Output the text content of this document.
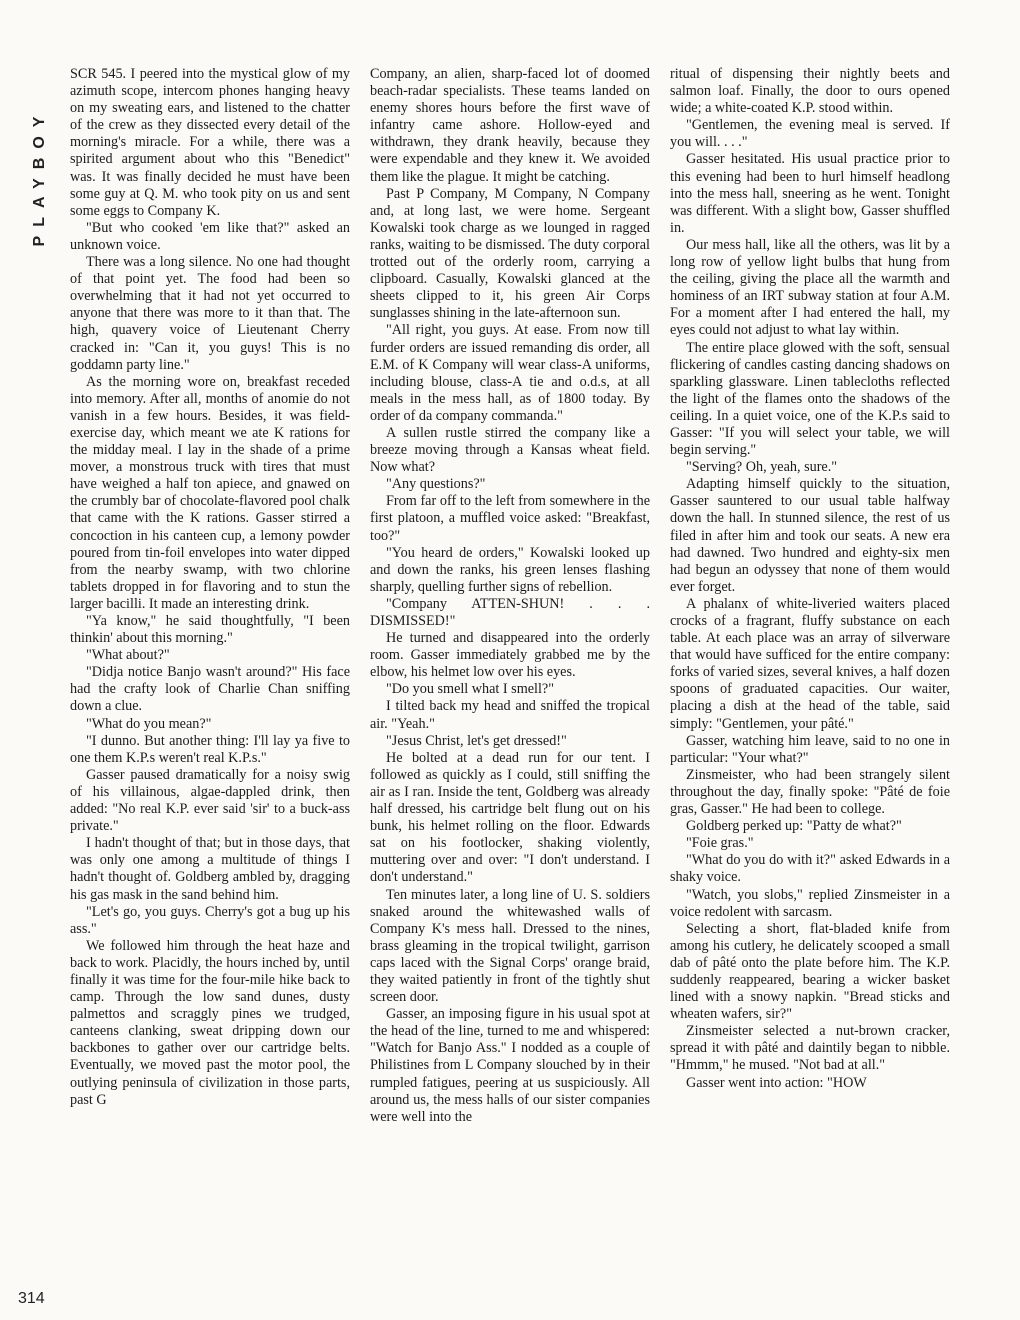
PLAYBOY

SCR 545. I peered into the mystical glow of my azimuth scope, intercom phones hanging heavy on my sweating ears, and listened to the chatter of the crew as they dissected every detail of the morning's miracle. For a while, there was a spirited argument about who this "Benedict" was. It was finally decided he must have been some guy at Q. M. who took pity on us and sent some eggs to Company K.

"But who cooked 'em like that?" asked an unknown voice.

There was a long silence. No one had thought of that point yet. The food had been so overwhelming that it had not yet occurred to anyone that there was more to it than that. The high, quavery voice of Lieutenant Cherry cracked in: "Can it, you guys! This is no goddamn party line."

As the morning wore on, breakfast receded into memory. After all, months of anomie do not vanish in a few hours. Besides, it was field-exercise day, which meant we ate K rations for the midday meal. I lay in the shade of a prime mover, a monstrous truck with tires that must have weighed a half ton apiece, and gnawed on the crumbly bar of chocolate-flavored pool chalk that came with the K rations. Gasser stirred a concoction in his canteen cup, a lemony powder poured from tin-foil envelopes into water dipped from the nearby swamp, with two chlorine tablets dropped in for flavoring and to stun the larger bacilli. It made an interesting drink.

"Ya know," he said thoughtfully, "I been thinkin' about this morning."

"What about?"

"Didja notice Banjo wasn't around?" His face had the crafty look of Charlie Chan sniffing down a clue.

"What do you mean?"

"I dunno. But another thing: I'll lay ya five to one them K.P.s weren't real K.P.s."

Gasser paused dramatically for a noisy swig of his villainous, algae-dappled drink, then added: "No real K.P. ever said 'sir' to a buck-ass private."

I hadn't thought of that; but in those days, that was only one among a multitude of things I hadn't thought of. Goldberg ambled by, dragging his gas mask in the sand behind him.

"Let's go, you guys. Cherry's got a bug up his ass."

We followed him through the heat haze and back to work. Placidly, the hours inched by, until finally it was time for the four-mile hike back to camp. Through the low sand dunes, dusty palmettos and scraggly pines we trudged, canteens clanking, sweat dripping down our backbones to gather over our cartridge belts. Eventually, we moved past the motor pool, the outlying peninsula of civilization in those parts, past G

Company, an alien, sharp-faced lot of doomed beach-radar specialists. These teams landed on enemy shores hours before the first wave of infantry came ashore. Hollow-eyed and withdrawn, they drank heavily, because they were expendable and they knew it. We avoided them like the plague. It might be catching.

Past P Company, M Company, N Company and, at long last, we were home. Sergeant Kowalski took charge as we lounged in ragged ranks, waiting to be dismissed. The duty corporal trotted out of the orderly room, carrying a clipboard. Casually, Kowalski glanced at the sheets clipped to it, his green Air Corps sunglasses shining in the late-afternoon sun.

"All right, you guys. At ease. From now till furder orders are issued remanding dis order, all E.M. of K Company will wear class-A uniforms, including blouse, class-A tie and o.d.s, at all meals in the mess hall, as of 1800 today. By order of da company commanda."

A sullen rustle stirred the company like a breeze moving through a Kansas wheat field. Now what?

"Any questions?"

From far off to the left from somewhere in the first platoon, a muffled voice asked: "Breakfast, too?"

"You heard de orders," Kowalski looked up and down the ranks, his green lenses flashing sharply, quelling further signs of rebellion.

"Company ATTEN-SHUN! . . . DISMISSED!"

He turned and disappeared into the orderly room. Gasser immediately grabbed me by the elbow, his helmet low over his eyes.

"Do you smell what I smell?"

I tilted back my head and sniffed the tropical air. "Yeah."

"Jesus Christ, let's get dressed!"

He bolted at a dead run for our tent. I followed as quickly as I could, still sniffing the air as I ran. Inside the tent, Goldberg was already half dressed, his cartridge belt flung out on his bunk, his helmet rolling on the floor. Edwards sat on his footlocker, shaking violently, muttering over and over: "I don't understand. I don't understand."

Ten minutes later, a long line of U. S. soldiers snaked around the whitewashed walls of Company K's mess hall. Dressed to the nines, brass gleaming in the tropical twilight, garrison caps laced with the Signal Corps' orange braid, they waited patiently in front of the tightly shut screen door.

Gasser, an imposing figure in his usual spot at the head of the line, turned to me and whispered: "Watch for Banjo Ass." I nodded as a couple of Philistines from L Company slouched by in their rumpled fatigues, peering at us suspiciously. All around us, the mess halls of our sister companies were well into the

ritual of dispensing their nightly beets and salmon loaf. Finally, the door to ours opened wide; a white-coated K.P. stood within.

"Gentlemen, the evening meal is served. If you will. . . ."

Gasser hesitated. His usual practice prior to this evening had been to hurl himself headlong into the mess hall, sneering as he went. Tonight was different. With a slight bow, Gasser shuffled in.

Our mess hall, like all the others, was lit by a long row of yellow light bulbs that hung from the ceiling, giving the place all the warmth and hominess of an IRT subway station at four A.M. For a moment after I had entered the hall, my eyes could not adjust to what lay within.

The entire place glowed with the soft, sensual flickering of candles casting dancing shadows on sparkling glassware. Linen tablecloths reflected the light of the flames onto the shadows of the ceiling. In a quiet voice, one of the K.P.s said to Gasser: "If you will select your table, we will begin serving."

"Serving? Oh, yeah, sure."

Adapting himself quickly to the situation, Gasser sauntered to our usual table halfway down the hall. In stunned silence, the rest of us filed in after him and took our seats. A new era had dawned. Two hundred and eighty-six men had begun an odyssey that none of them would ever forget.

A phalanx of white-liveried waiters placed crocks of a fragrant, fluffy substance on each table. At each place was an array of silverware that would have sufficed for the entire company: forks of varied sizes, several knives, a half dozen spoons of graduated capacities. Our waiter, placing a dish at the head of the table, said simply: "Gentlemen, your pâté."

Gasser, watching him leave, said to no one in particular: "Your what?"

Zinsmeister, who had been strangely silent throughout the day, finally spoke: "Pâté de foie gras, Gasser." He had been to college.

Goldberg perked up: "Patty de what?"

"Foie gras."

"What do you do with it?" asked Edwards in a shaky voice.

"Watch, you slobs," replied Zinsmeister in a voice redolent with sarcasm.

Selecting a short, flat-bladed knife from among his cutlery, he delicately scooped a small dab of pâté onto the plate before him. The K.P. suddenly reappeared, bearing a wicker basket lined with a snowy napkin. "Bread sticks and wheaten wafers, sir?"

Zinsmeister selected a nut-brown cracker, spread it with pâté and daintily began to nibble. "Hmmm," he mused. "Not bad at all."

Gasser went into action: "HOW

314
